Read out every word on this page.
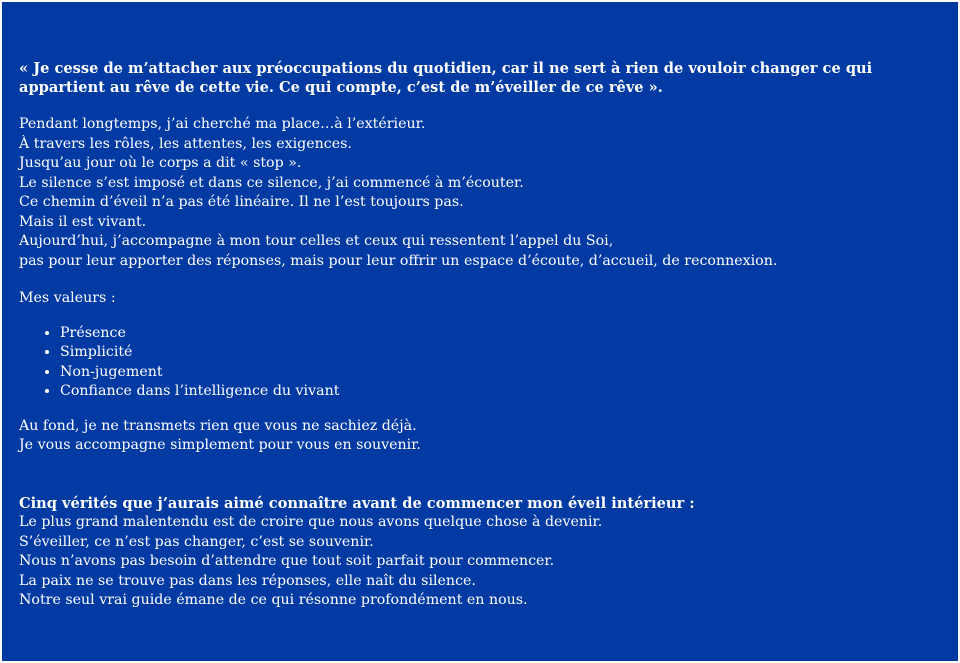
« Je cesse de m’attacher aux préoccupations du quotidien, car il ne sert à rien de vouloir changer ce qui appartient au rêve de cette vie. Ce qui compte, c’est de m’éveiller de ce rêve ».

Pendant longtemps, j’ai cherché ma place…à l’extérieur.
À travers les rôles, les attentes, les exigences.
Jusqu’au jour où le corps a dit « stop ».
Le silence s’est imposé et dans ce silence, j’ai commencé à m’écouter.
Ce chemin d’éveil n’a pas été linéaire. Il ne l’est toujours pas.
Mais il est vivant.
Aujourd’hui, j’accompagne à mon tour celles et ceux qui ressentent l’appel du Soi,
pas pour leur apporter des réponses, mais pour leur offrir un espace d’écoute, d’accueil, de reconnexion.

Mes valeurs :

• Présence
• Simplicité
• Non-jugement
• Confiance dans l’intelligence du vivant
Au fond, je ne transmets rien que vous ne sachiez déjà.
Je vous accompagne simplement pour vous en souvenir.
Cinq vérités que j’aurais aimé connaître avant de commencer mon éveil intérieur :
Le plus grand malentendu est de croire que nous avons quelque chose à devenir.
S’éveiller, ce n’est pas changer, c’est se souvenir.
Nous n’avons pas besoin d’attendre que tout soit parfait pour commencer.
La paix ne se trouve pas dans les réponses, elle naît du silence.
Notre seul vrai guide émane de ce qui résonne profondément en nous.
